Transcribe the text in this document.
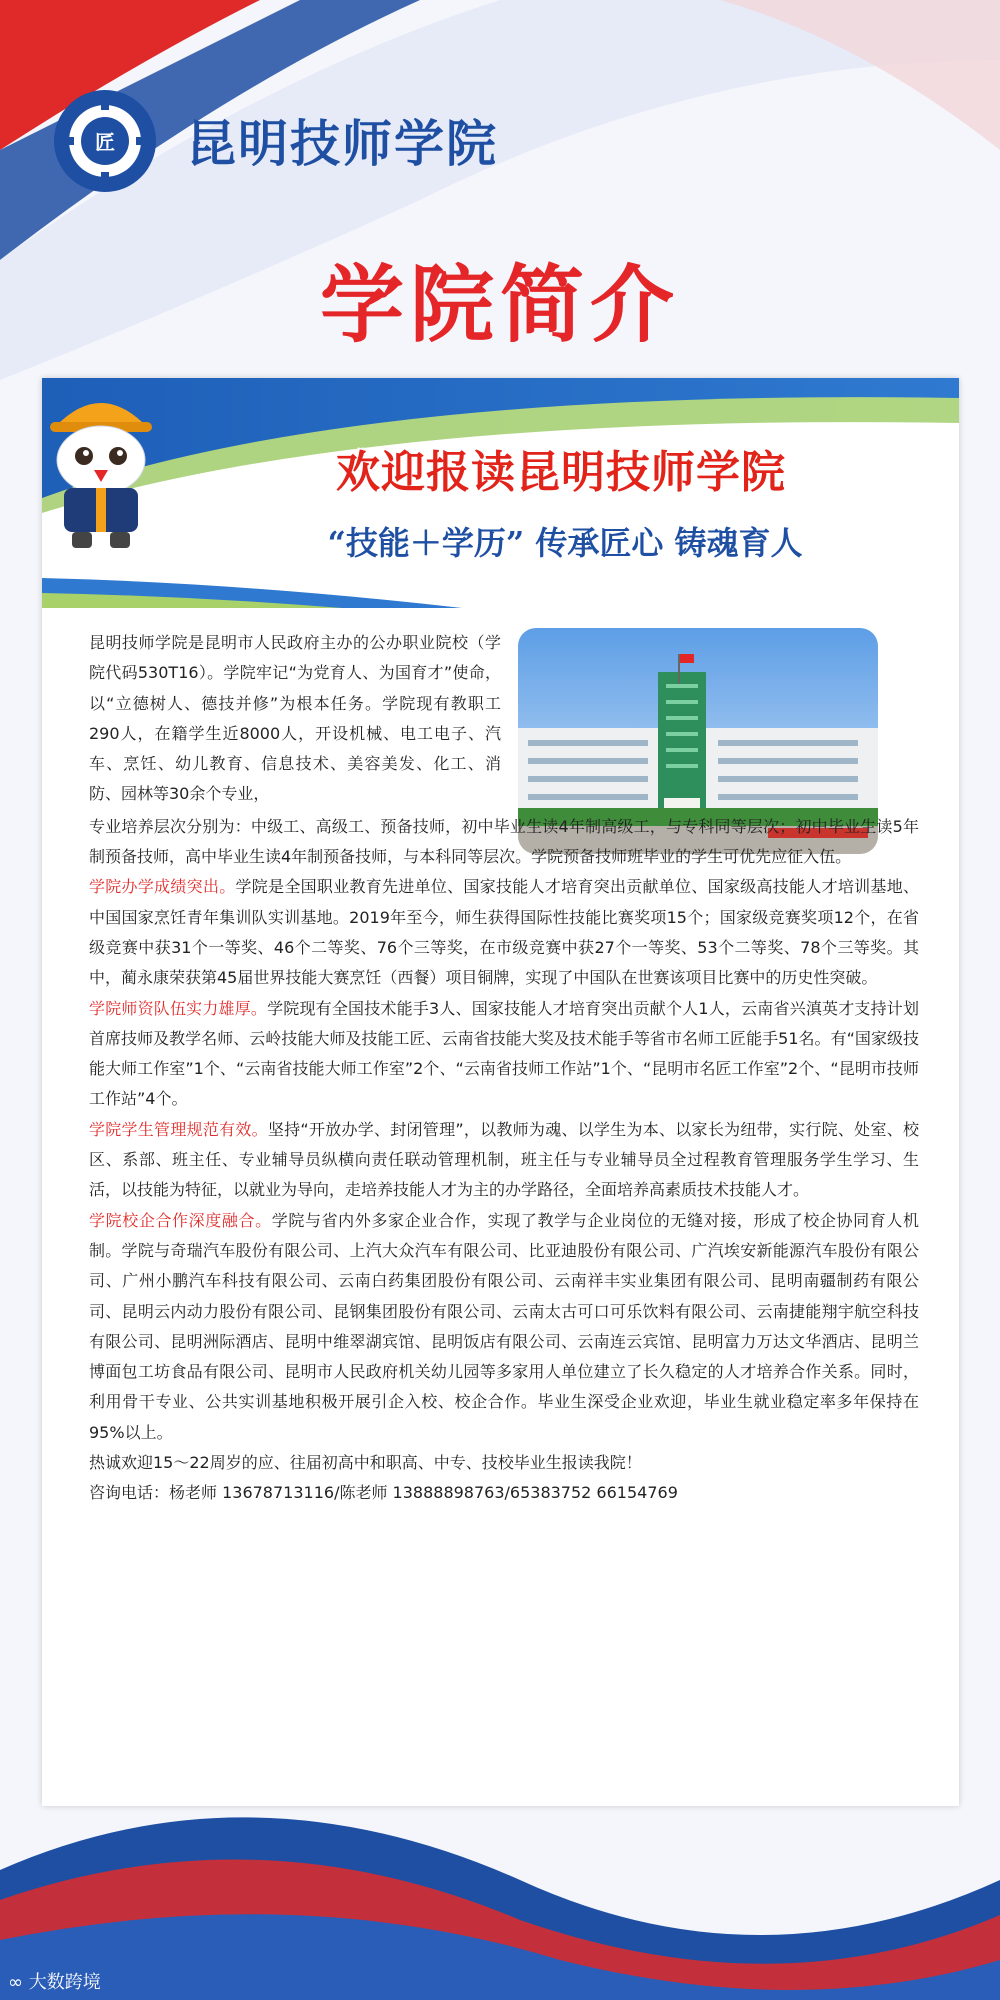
匠 昆明技师学院
学院简介
欢迎报读昆明技师学院
“技能＋学历” 传承匠心 铸魂育人

昆明技师学院是昆明市人民政府主办的公办职业院校（学院代码530T16）。学院牢记“为党育人、为国育才”使命，以“立德树人、德技并修”为根本任务。学院现有教职工290人，在籍学生近8000人，开设机械、电工电子、汽车、烹饪、幼儿教育、信息技术、美容美发、化工、消防、园林等30余个专业，

专业培养层次分别为：中级工、高级工、预备技师，初中毕业生读4年制高级工，与专科同等层次；初中毕业生读5年制预备技师，高中毕业生读4年制预备技师，与本科同等层次。学院预备技师班毕业的学生可优先应征入伍。

学院办学成绩突出。学院是全国职业教育先进单位、国家技能人才培育突出贡献单位、国家级高技能人才培训基地、中国国家烹饪青年集训队实训基地。2019年至今，师生获得国际性技能比赛奖项15个；国家级竞赛奖项12个，在省级竞赛中获31个一等奖、46个二等奖、76个三等奖，在市级竞赛中获27个一等奖、53个二等奖、78个三等奖。其中，蔺永康荣获第45届世界技能大赛烹饪（西餐）项目铜牌，实现了中国队在世赛该项目比赛中的历史性突破。

学院师资队伍实力雄厚。学院现有全国技术能手3人、国家技能人才培育突出贡献个人1人，云南省兴滇英才支持计划首席技师及教学名师、云岭技能大师及技能工匠、云南省技能大奖及技术能手等省市名师工匠能手51名。有“国家级技能大师工作室”1个、“云南省技能大师工作室”2个、“云南省技师工作站”1个、“昆明市名匠工作室”2个、“昆明市技师工作站”4个。

学院学生管理规范有效。坚持“开放办学、封闭管理”，以教师为魂、以学生为本、以家长为纽带，实行院、处室、校区、系部、班主任、专业辅导员纵横向责任联动管理机制，班主任与专业辅导员全过程教育管理服务学生学习、生活，以技能为特征，以就业为导向，走培养技能人才为主的办学路径，全面培养高素质技术技能人才。

学院校企合作深度融合。学院与省内外多家企业合作，实现了教学与企业岗位的无缝对接，形成了校企协同育人机制。学院与奇瑞汽车股份有限公司、上汽大众汽车有限公司、比亚迪股份有限公司、广汽埃安新能源汽车股份有限公司、广州小鹏汽车科技有限公司、云南白药集团股份有限公司、云南祥丰实业集团有限公司、昆明南疆制药有限公司、昆明云内动力股份有限公司、昆钢集团股份有限公司、云南太古可口可乐饮料有限公司、云南捷能翔宇航空科技有限公司、昆明洲际酒店、昆明中维翠湖宾馆、昆明饭店有限公司、云南连云宾馆、昆明富力万达文华酒店、昆明兰博面包工坊食品有限公司、昆明市人民政府机关幼儿园等多家用人单位建立了长久稳定的人才培养合作关系。同时，利用骨干专业、公共实训基地积极开展引企入校、校企合作。毕业生深受企业欢迎，毕业生就业稳定率多年保持在95%以上。

热诚欢迎15～22周岁的应、往届初高中和职高、中专、技校毕业生报读我院！

咨询电话：杨老师 13678713116/陈老师 13888898763/65383752 66154769

∞ 大数跨境
